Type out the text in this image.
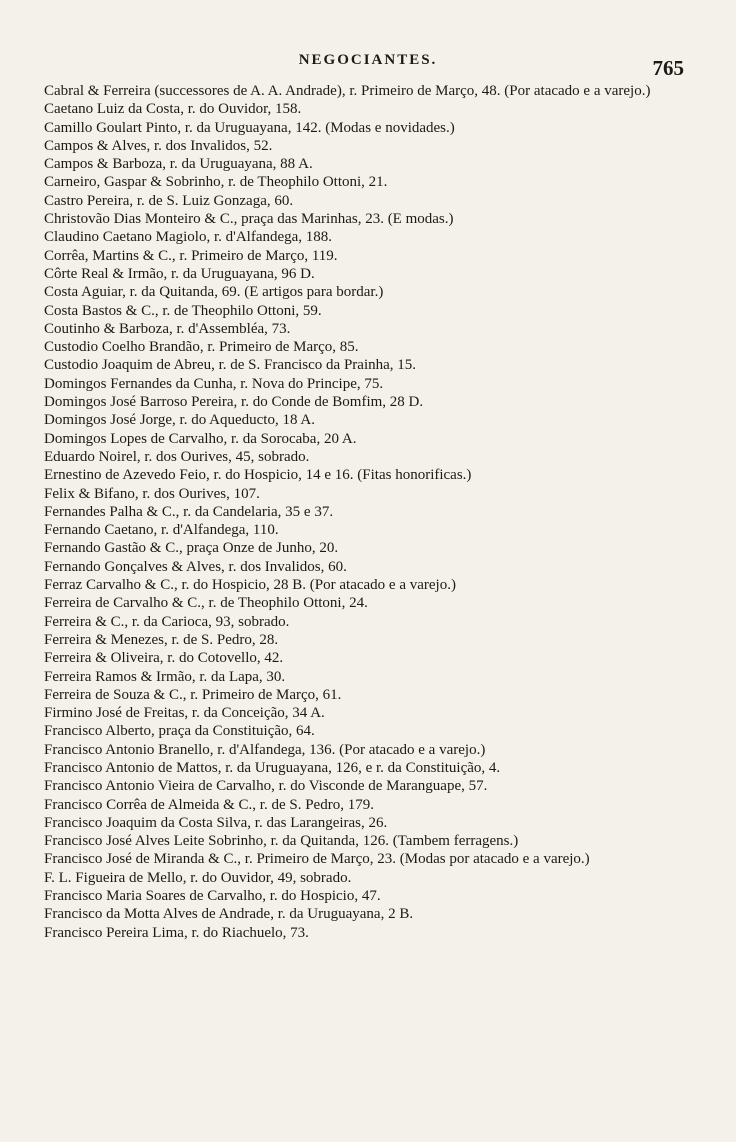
NEGOCIANTES.	765
Cabral & Ferreira (successores de A. A. Andrade), r. Primeiro de Março, 48. (Por atacado e a varejo.)
Caetano Luiz da Costa, r. do Ouvidor, 158.
Camillo Goulart Pinto, r. da Uruguayana, 142. (Modas e novidades.)
Campos & Alves, r. dos Invalidos, 52.
Campos & Barboza, r. da Uruguayana, 88 A.
Carneiro, Gaspar & Sobrinho, r. de Theophilo Ottoni, 21.
Castro Pereira, r. de S. Luiz Gonzaga, 60.
Christovão Dias Monteiro & C., praça das Marinhas, 23. (E modas.)
Claudino Caetano Magiolo, r. d'Alfandega, 188.
Corrêa, Martins & C., r. Primeiro de Março, 119.
Côrte Real & Irmão, r. da Uruguayana, 96 D.
Costa Aguiar, r. da Quitanda, 69. (E artigos para bordar.)
Costa Bastos & C., r. de Theophilo Ottoni, 59.
Coutinho & Barboza, r. d'Assembléa, 73.
Custodio Coelho Brandão, r. Primeiro de Março, 85.
Custodio Joaquim de Abreu, r. de S. Francisco da Prainha, 15.
Domingos Fernandes da Cunha, r. Nova do Principe, 75.
Domingos José Barroso Pereira, r. do Conde de Bomfim, 28 D.
Domingos José Jorge, r. do Aqueducto, 18 A.
Domingos Lopes de Carvalho, r. da Sorocaba, 20 A.
Eduardo Noirel, r. dos Ourives, 45, sobrado.
Ernestino de Azevedo Feio, r. do Hospicio, 14 e 16. (Fitas honorificas.)
Felix & Bifano, r. dos Ourives, 107.
Fernandes Palha & C., r. da Candelaria, 35 e 37.
Fernando Caetano, r. d'Alfandega, 110.
Fernando Gastão & C., praça Onze de Junho, 20.
Fernando Gonçalves & Alves, r. dos Invalidos, 60.
Ferraz Carvalho & C., r. do Hospicio, 28 B. (Por atacado e a varejo.)
Ferreira de Carvalho & C., r. de Theophilo Ottoni, 24.
Ferreira & C., r. da Carioca, 93, sobrado.
Ferreira & Menezes, r. de S. Pedro, 28.
Ferreira & Oliveira, r. do Cotovello, 42.
Ferreira Ramos & Irmão, r. da Lapa, 30.
Ferreira de Souza & C., r. Primeiro de Março, 61.
Firmino José de Freitas, r. da Conceição, 34 A.
Francisco Alberto, praça da Constituição, 64.
Francisco Antonio Branello, r. d'Alfandega, 136. (Por atacado e a varejo.)
Francisco Antonio de Mattos, r. da Uruguayana, 126, e r. da Constituição, 4.
Francisco Antonio Vieira de Carvalho, r. do Visconde de Maranguape, 57.
Francisco Corrêa de Almeida & C., r. de S. Pedro, 179.
Francisco Joaquim da Costa Silva, r. das Larangeiras, 26.
Francisco José Alves Leite Sobrinho, r. da Quitanda, 126. (Tambem ferragens.)
Francisco José de Miranda & C., r. Primeiro de Março, 23. (Modas por atacado e a varejo.)
F. L. Figueira de Mello, r. do Ouvidor, 49, sobrado.
Francisco Maria Soares de Carvalho, r. do Hospicio, 47.
Francisco da Motta Alves de Andrade, r. da Uruguayana, 2 B.
Francisco Pereira Lima, r. do Riachuelo, 73.
